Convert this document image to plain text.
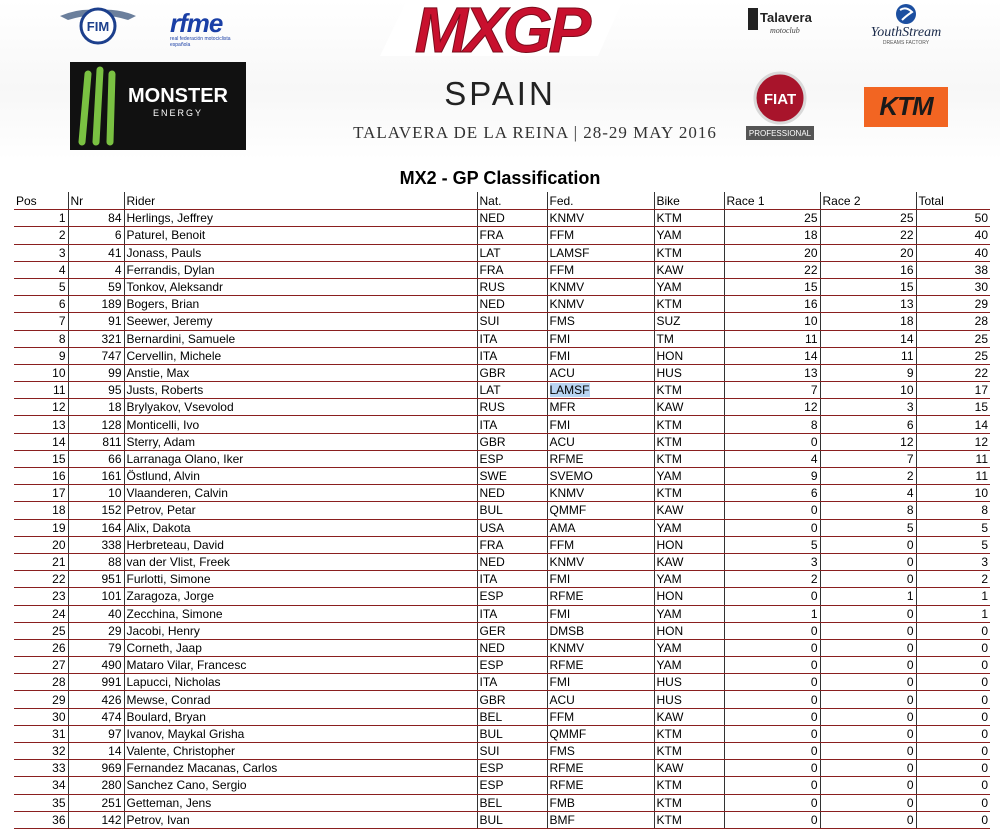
FIM rfme
real federación motociclista española	MXGP
SPAIN
TALAVERA DE LA REINA | 28-29 MAY 2016
MONSTER
ENERGY
Talavera
motoclub	YouthStream
DREAMS FACTORY
FIAT
PROFESSIONAL
KTM
MX2 - GP Classification
Pos	Nr	Rider	Nat.	Fed.	Bike	Race 1	Race 2	Total
1	84	Herlings, Jeffrey	NED	KNMV	KTM	25	25	50
2	6	Paturel, Benoit	FRA	FFM	YAM	18	22	40
3	41	Jonass, Pauls	LAT	LAMSF	KTM	20	20	40
4	4	Ferrandis, Dylan	FRA	FFM	KAW	22	16	38
5	59	Tonkov, Aleksandr	RUS	KNMV	YAM	15	15	30
6	189	Bogers, Brian	NED	KNMV	KTM	16	13	29
7	91	Seewer, Jeremy	SUI	FMS	SUZ	10	18	28
8	321	Bernardini, Samuele	ITA	FMI	TM	11	14	25
9	747	Cervellin, Michele	ITA	FMI	HON	14	11	25
10	99	Anstie, Max	GBR	ACU	HUS	13	9	22
11	95	Justs, Roberts	LAT	LAMSF	KTM	7	10	17
12	18	Brylyakov, Vsevolod	RUS	MFR	KAW	12	3	15
13	128	Monticelli, Ivo	ITA	FMI	KTM	8	6	14
14	811	Sterry, Adam	GBR	ACU	KTM	0	12	12
15	66	Larranaga Olano, Iker	ESP	RFME	KTM	4	7	11
16	161	Östlund, Alvin	SWE	SVEMO	YAM	9	2	11
17	10	Vlaanderen, Calvin	NED	KNMV	KTM	6	4	10
18	152	Petrov, Petar	BUL	QMMF	KAW	0	8	8
19	164	Alix, Dakota	USA	AMA	YAM	0	5	5
20	338	Herbreteau, David	FRA	FFM	HON	5	0	5
21	88	van der Vlist, Freek	NED	KNMV	KAW	3	0	3
22	951	Furlotti, Simone	ITA	FMI	YAM	2	0	2
23	101	Zaragoza, Jorge	ESP	RFME	HON	0	1	1
24	40	Zecchina, Simone	ITA	FMI	YAM	1	0	1
25	29	Jacobi, Henry	GER	DMSB	HON	0	0	0
26	79	Corneth, Jaap	NED	KNMV	YAM	0	0	0
27	490	Mataro Vilar, Francesc	ESP	RFME	YAM	0	0	0
28	991	Lapucci, Nicholas	ITA	FMI	HUS	0	0	0
29	426	Mewse, Conrad	GBR	ACU	HUS	0	0	0
30	474	Boulard, Bryan	BEL	FFM	KAW	0	0	0
31	97	Ivanov, Maykal Grisha	BUL	QMMF	KTM	0	0	0
32	14	Valente, Christopher	SUI	FMS	KTM	0	0	0
33	969	Fernandez Macanas, Carlos	ESP	RFME	KAW	0	0	0
34	280	Sanchez Cano, Sergio	ESP	RFME	KTM	0	0	0
35	251	Getteman, Jens	BEL	FMB	KTM	0	0	0
36	142	Petrov, Ivan	BUL	BMF	KTM	0	0	0
